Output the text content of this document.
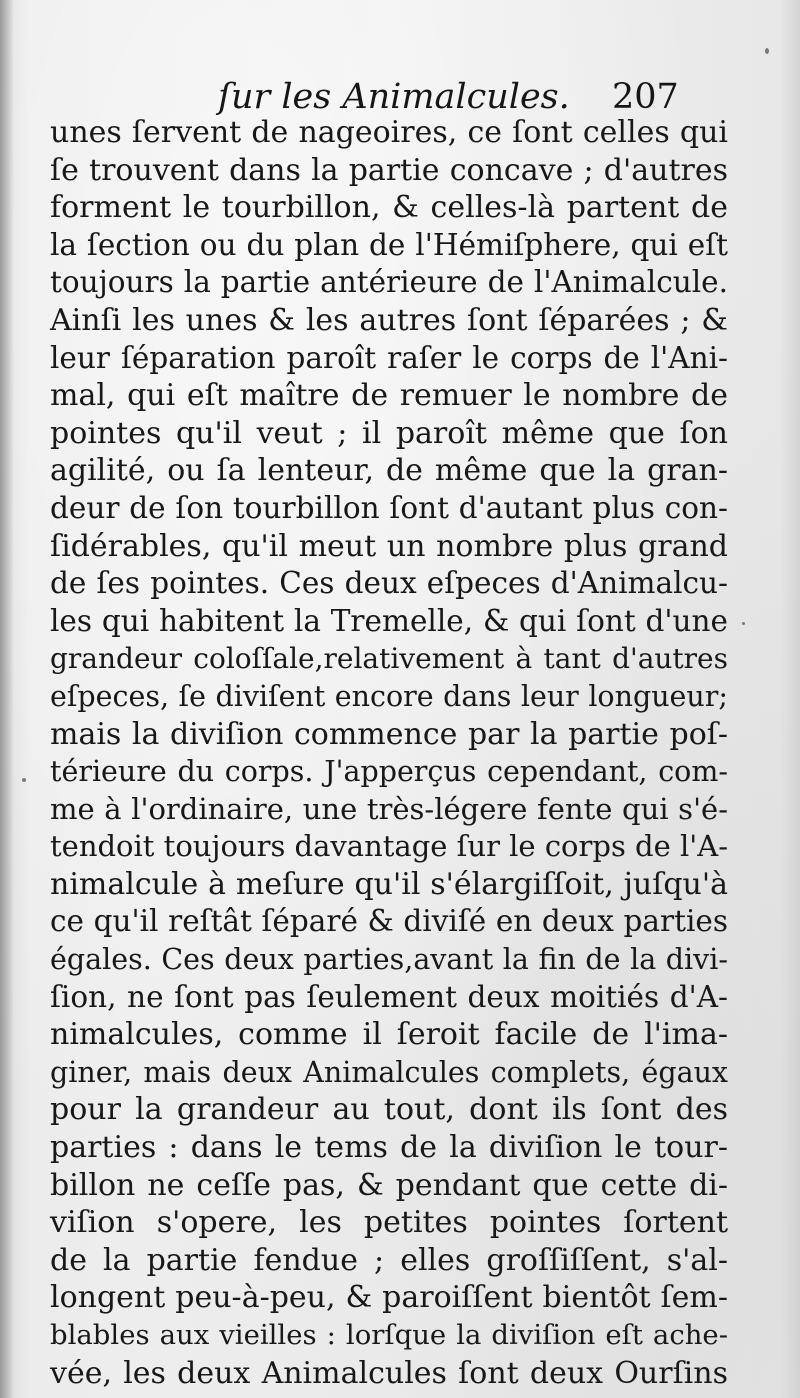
ſur les Animalcules. 207
unes ſervent de nageoires, ce ſont celles qui
ſe trouvent dans la partie concave ; d'autres
forment le tourbillon, & celles-là partent de
la ſection ou du plan de l'Hémiſphere, qui eſt
toujours la partie antérieure de l'Animalcule.
Ainſi les unes & les autres ſont ſéparées ; &
leur ſéparation paroît raſer le corps de l'Ani-
mal, qui eſt maître de remuer le nombre de
pointes qu'il veut ; il paroît même que ſon
agilité, ou ſa lenteur, de même que la gran-
deur de ſon tourbillon ſont d'autant plus con-
ſidérables, qu'il meut un nombre plus grand
de ſes pointes. Ces deux eſpeces d'Animalcu-
les qui habitent la Tremelle, & qui ſont d'une
grandeur coloſſale,relativement à tant d'autres
eſpeces, ſe diviſent encore dans leur longueur;
mais la diviſion commence par la partie poſ-
térieure du corps. J'apperçus cependant, com-
me à l'ordinaire, une très-légere fente qui s'é-
tendoit toujours davantage ſur le corps de l'A-
nimalcule à meſure qu'il s'élargiſſoit, juſqu'à
ce qu'il reſtât ſéparé & diviſé en deux parties
égales. Ces deux parties,avant la fin de la divi-
ſion, ne ſont pas ſeulement deux moitiés d'A-
nimalcules, comme il ſeroit facile de l'ima-
giner, mais deux Animalcules complets, égaux
pour la grandeur au tout, dont ils ſont des
parties : dans le tems de la diviſion le tour-
billon ne ceſſe pas, & pendant que cette di-
viſion s'opere, les petites pointes ſortent
de la partie fendue ; elles groſſiſſent, s'al-
longent peu-à-peu, & paroiſſent bientôt ſem-
blables aux vieilles : lorſque la diviſion eſt ache-
vée, les deux Animalcules ſont deux Ourſins
